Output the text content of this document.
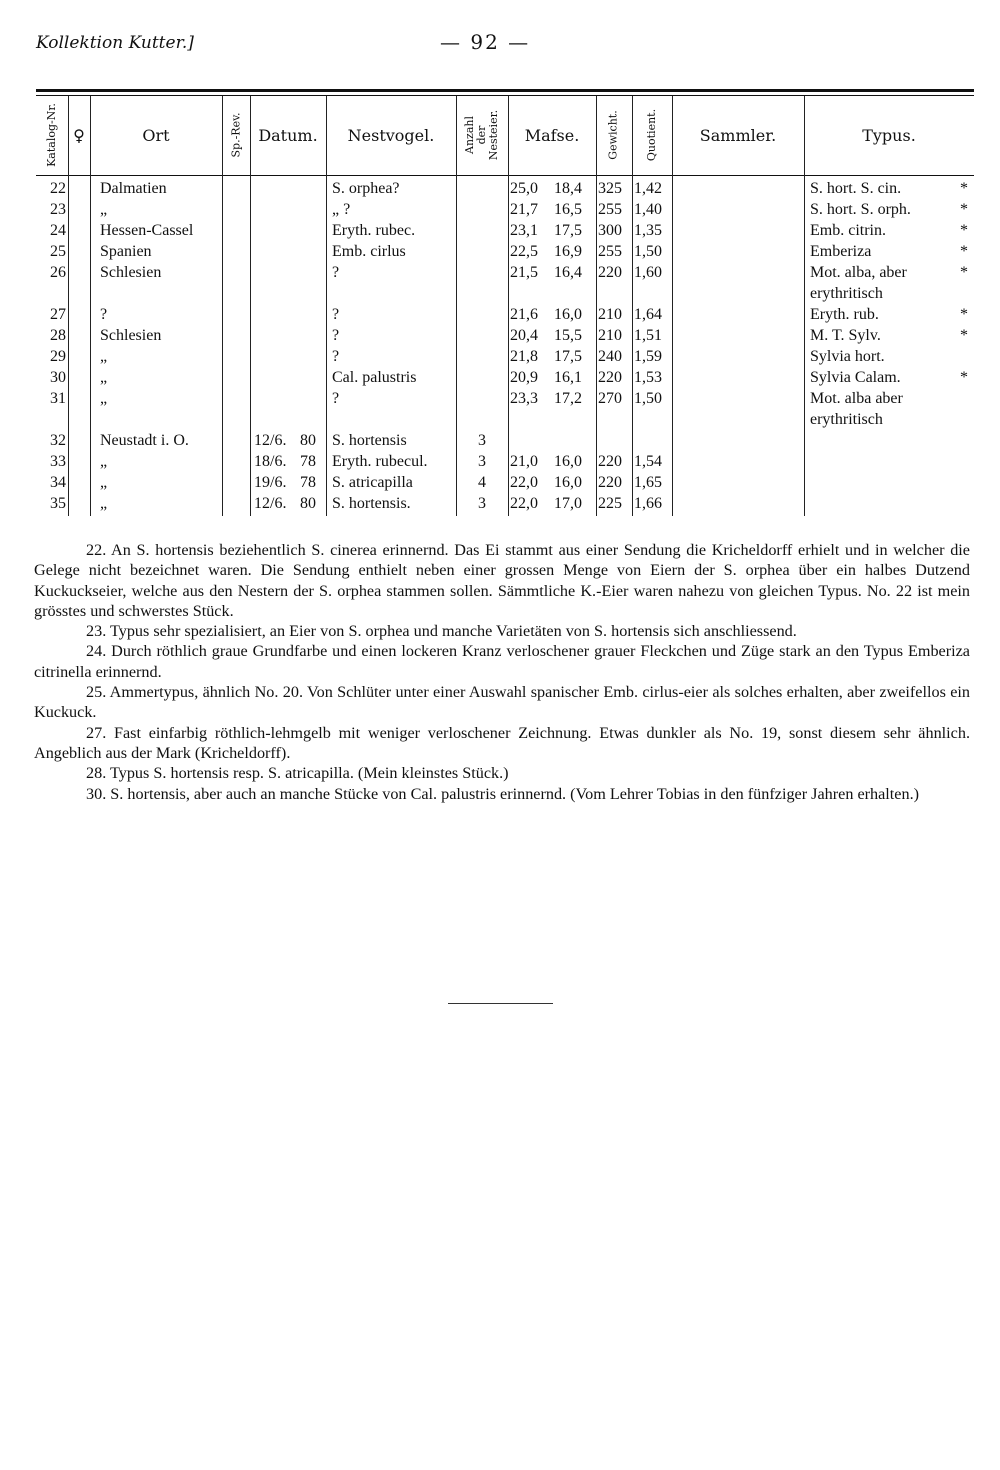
Kollektion Kutter.]	— 92 —
Katalog-Nr. ♀	Ort	Sp.-Rev.	Datum.	Nestvogel.	Anzahl der Nesteier.	Mafse.	Gewicht. Quotient.	Sammler.	Typus.
22 Dalmatien	S. orphea?	25,0	18,4	325 1,42	S. hort. S. cin.	*
23 „	„ ?	21,7	16,5	255 1,40	S. hort. S. orph.	*
24 Hessen-Cassel	Eryth. rubec.	23,1	17,5	300 1,35	Emb. citrin.	*
25 Spanien	Emb. cirlus	22,5	16,9	255 1,50	Emberiza	*
26 Schlesien	?	21,5	16,4	220 1,60	Mot. alba, aber	*
erythritisch
27 ?	?	21,6	16,0	210 1,64	Eryth. rub.	*
28 Schlesien	?	20,4	15,5	210 1,51	M. T. Sylv.	*
29 „	?	21,8	17,5	240 1,59	Sylvia hort.
30 „	Cal. palustris	20,9	16,1	220 1,53	Sylvia Calam.	*
31 „	?	23,3	17,2	270 1,50	Mot. alba aber
erythritisch
32 Neustadt i. O.	12/6. 80	S. hortensis	3
33 „	18/6. 78	Eryth. rubecul.	3	21,0	16,0	220 1,54
34 „	19/6. 78	S. atricapilla	4	22,0	16,0	220 1,65
35 „	12/6. 80	S. hortensis.	3	22,0	17,0	225 1,66

22. An S. hortensis beziehentlich S. cinerea erinnernd. Das Ei stammt aus einer Sendung die Kricheldorff erhielt und in welcher die Gelege nicht bezeichnet waren. Die Sendung enthielt neben einer grossen Menge von Eiern der S. orphea über ein halbes Dutzend Kuckuckseier, welche aus den Nestern der S. orphea stammen sollen. Sämmtliche K.-Eier waren nahezu von gleichen Typus. No. 22 ist mein grösstes und schwerstes Stück.

23. Typus sehr spezialisiert, an Eier von S. orphea und manche Varietäten von S. hortensis sich anschliessend.

24. Durch röthlich graue Grundfarbe und einen lockeren Kranz verloschener grauer Fleckchen und Züge stark an den Typus Emberiza citrinella erinnernd.

25. Ammertypus, ähnlich No. 20. Von Schlüter unter einer Auswahl spanischer Emb. cirlus-eier als solches erhalten, aber zweifellos ein Kuckuck.

27. Fast einfarbig röthlich-lehmgelb mit weniger verloschener Zeichnung. Etwas dunkler als No. 19, sonst diesem sehr ähnlich. Angeblich aus der Mark (Kricheldorff).

28. Typus S. hortensis resp. S. atricapilla. (Mein kleinstes Stück.)

30. S. hortensis, aber auch an manche Stücke von Cal. palustris erinnernd. (Vom Lehrer Tobias in den fünfziger Jahren erhalten.)
